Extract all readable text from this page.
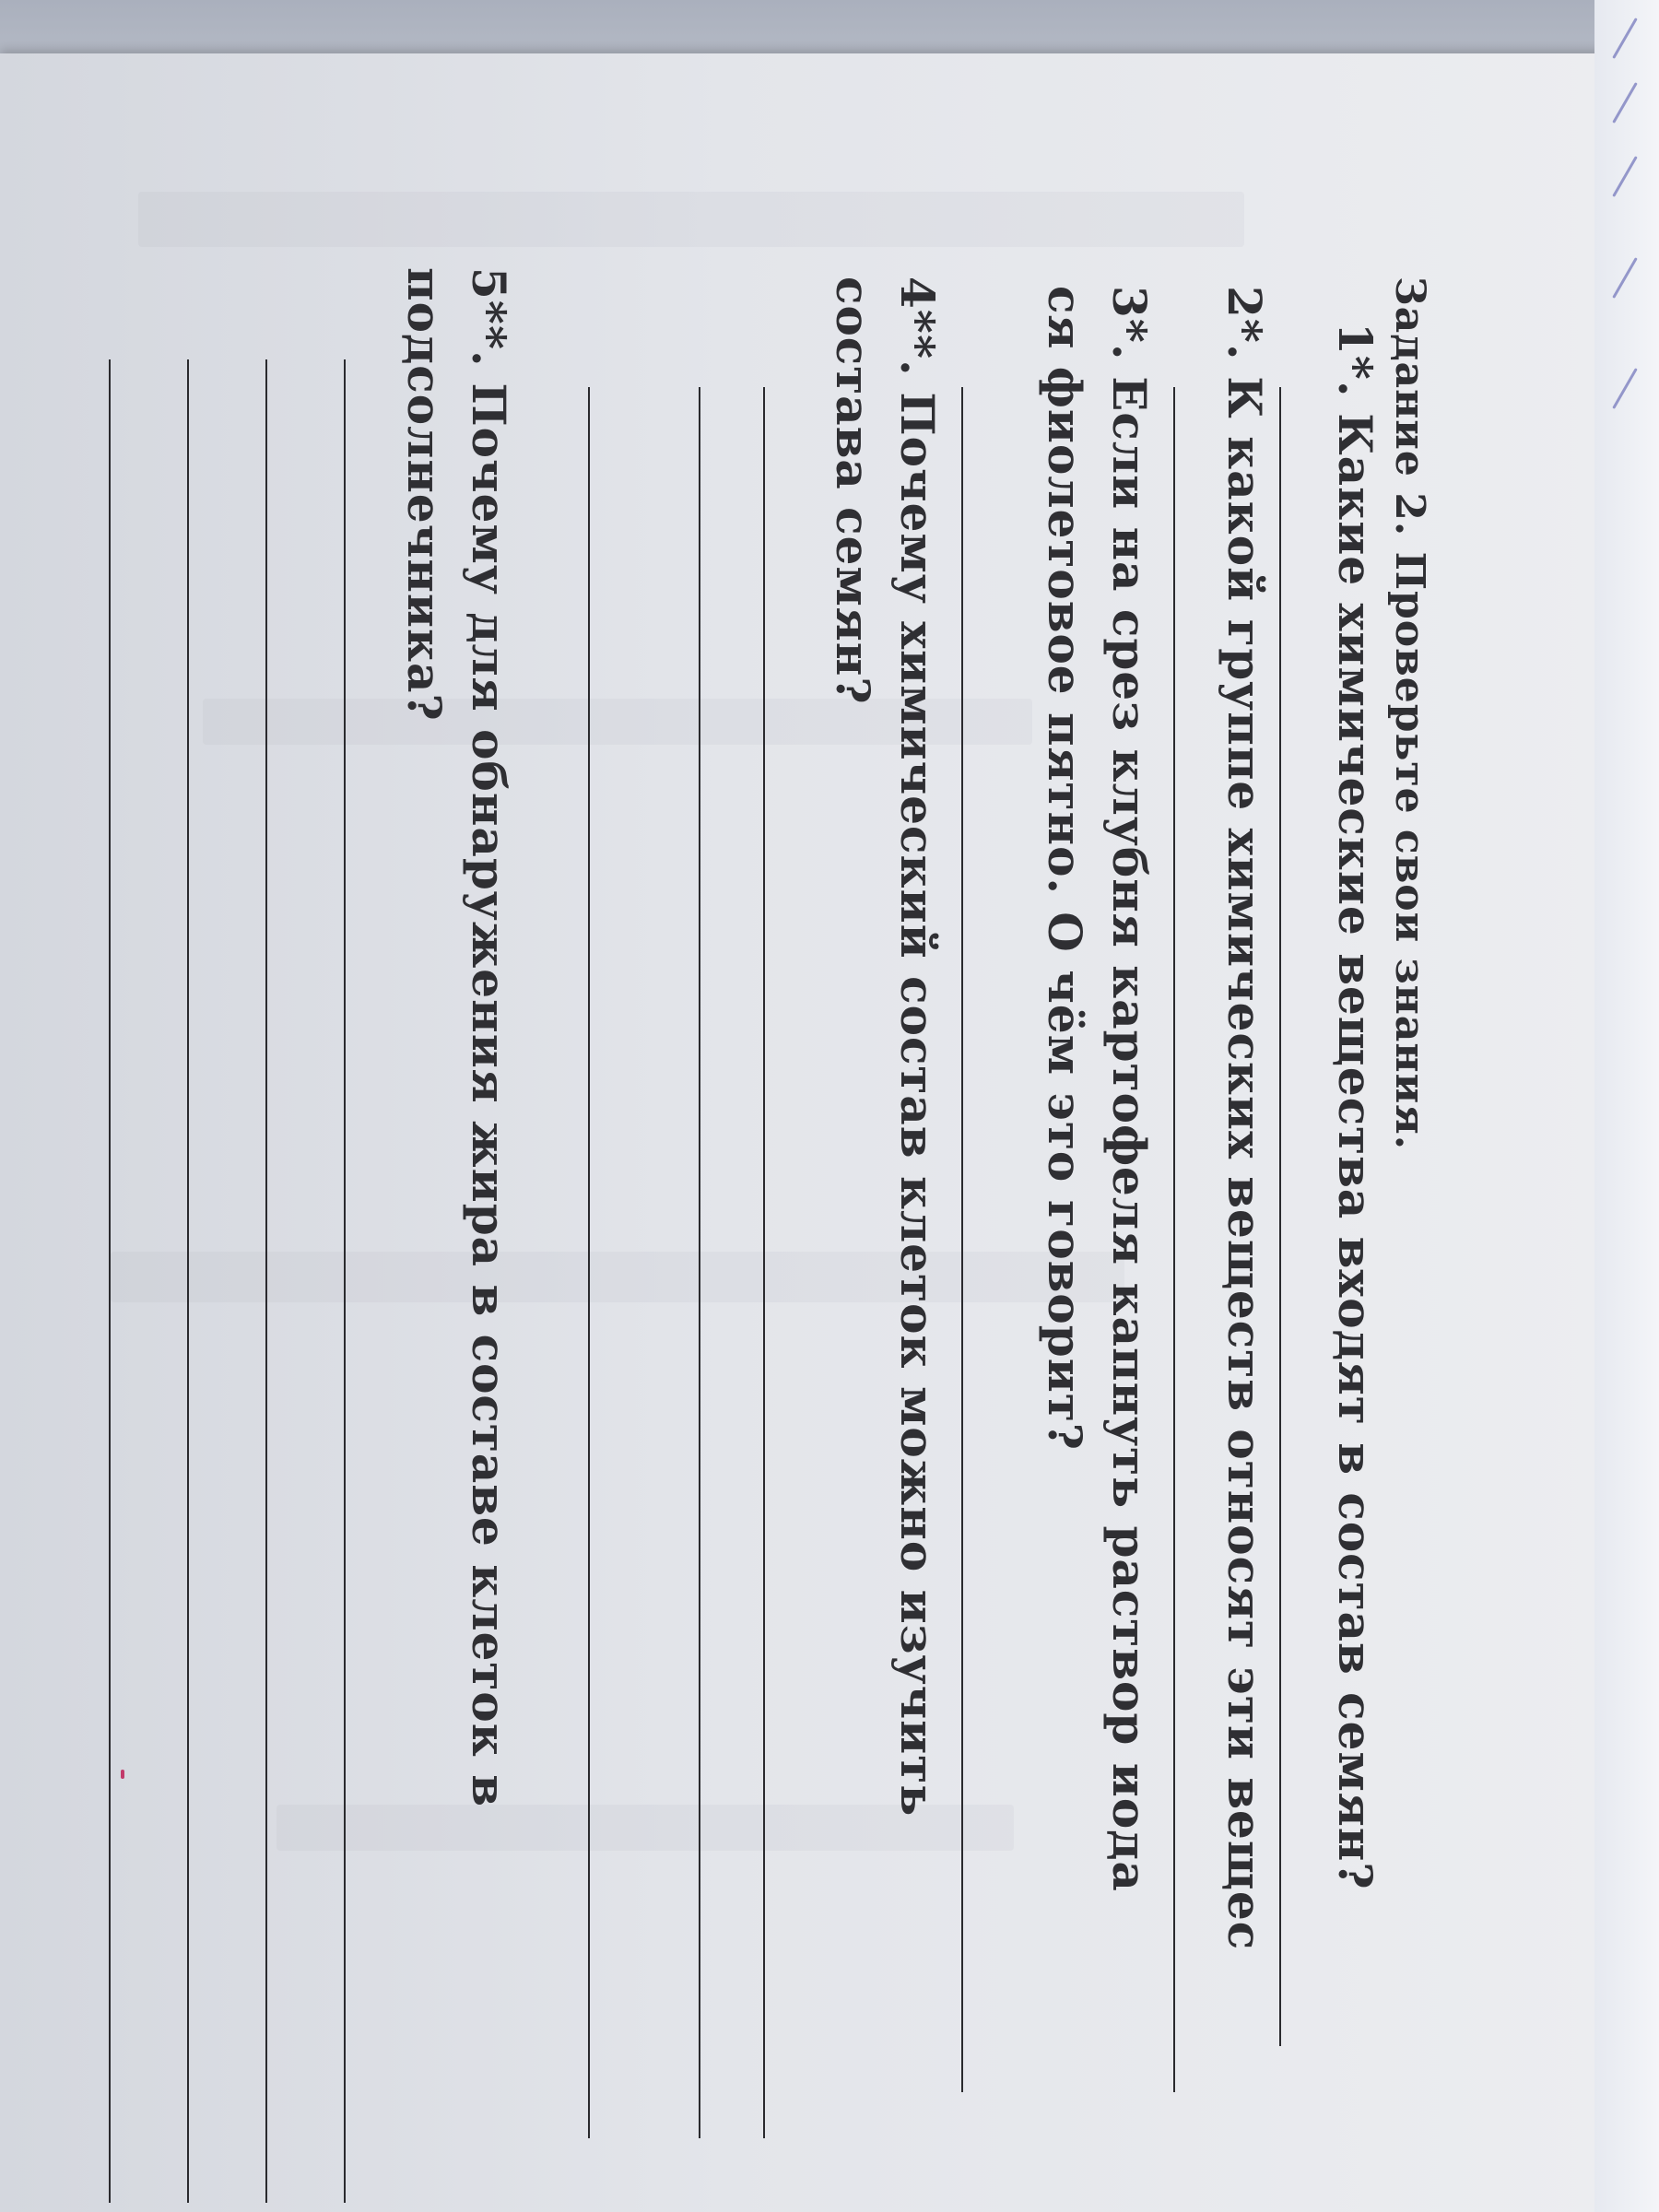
Задание 2. Проверьте свои знания.
1*. Какие химические вещества входят в состав семян?
2*. К какой группе химических веществ относят эти вещес
3*. Если на срез клубня картофеля капнуть раствор иода
ся фиолетовое пятно. О чём это говорит?
4**. Почему химический состав клеток можно изучить
состава семян?
5**. Почему для обнаружения жира в составе клеток в
подсолнечника?
